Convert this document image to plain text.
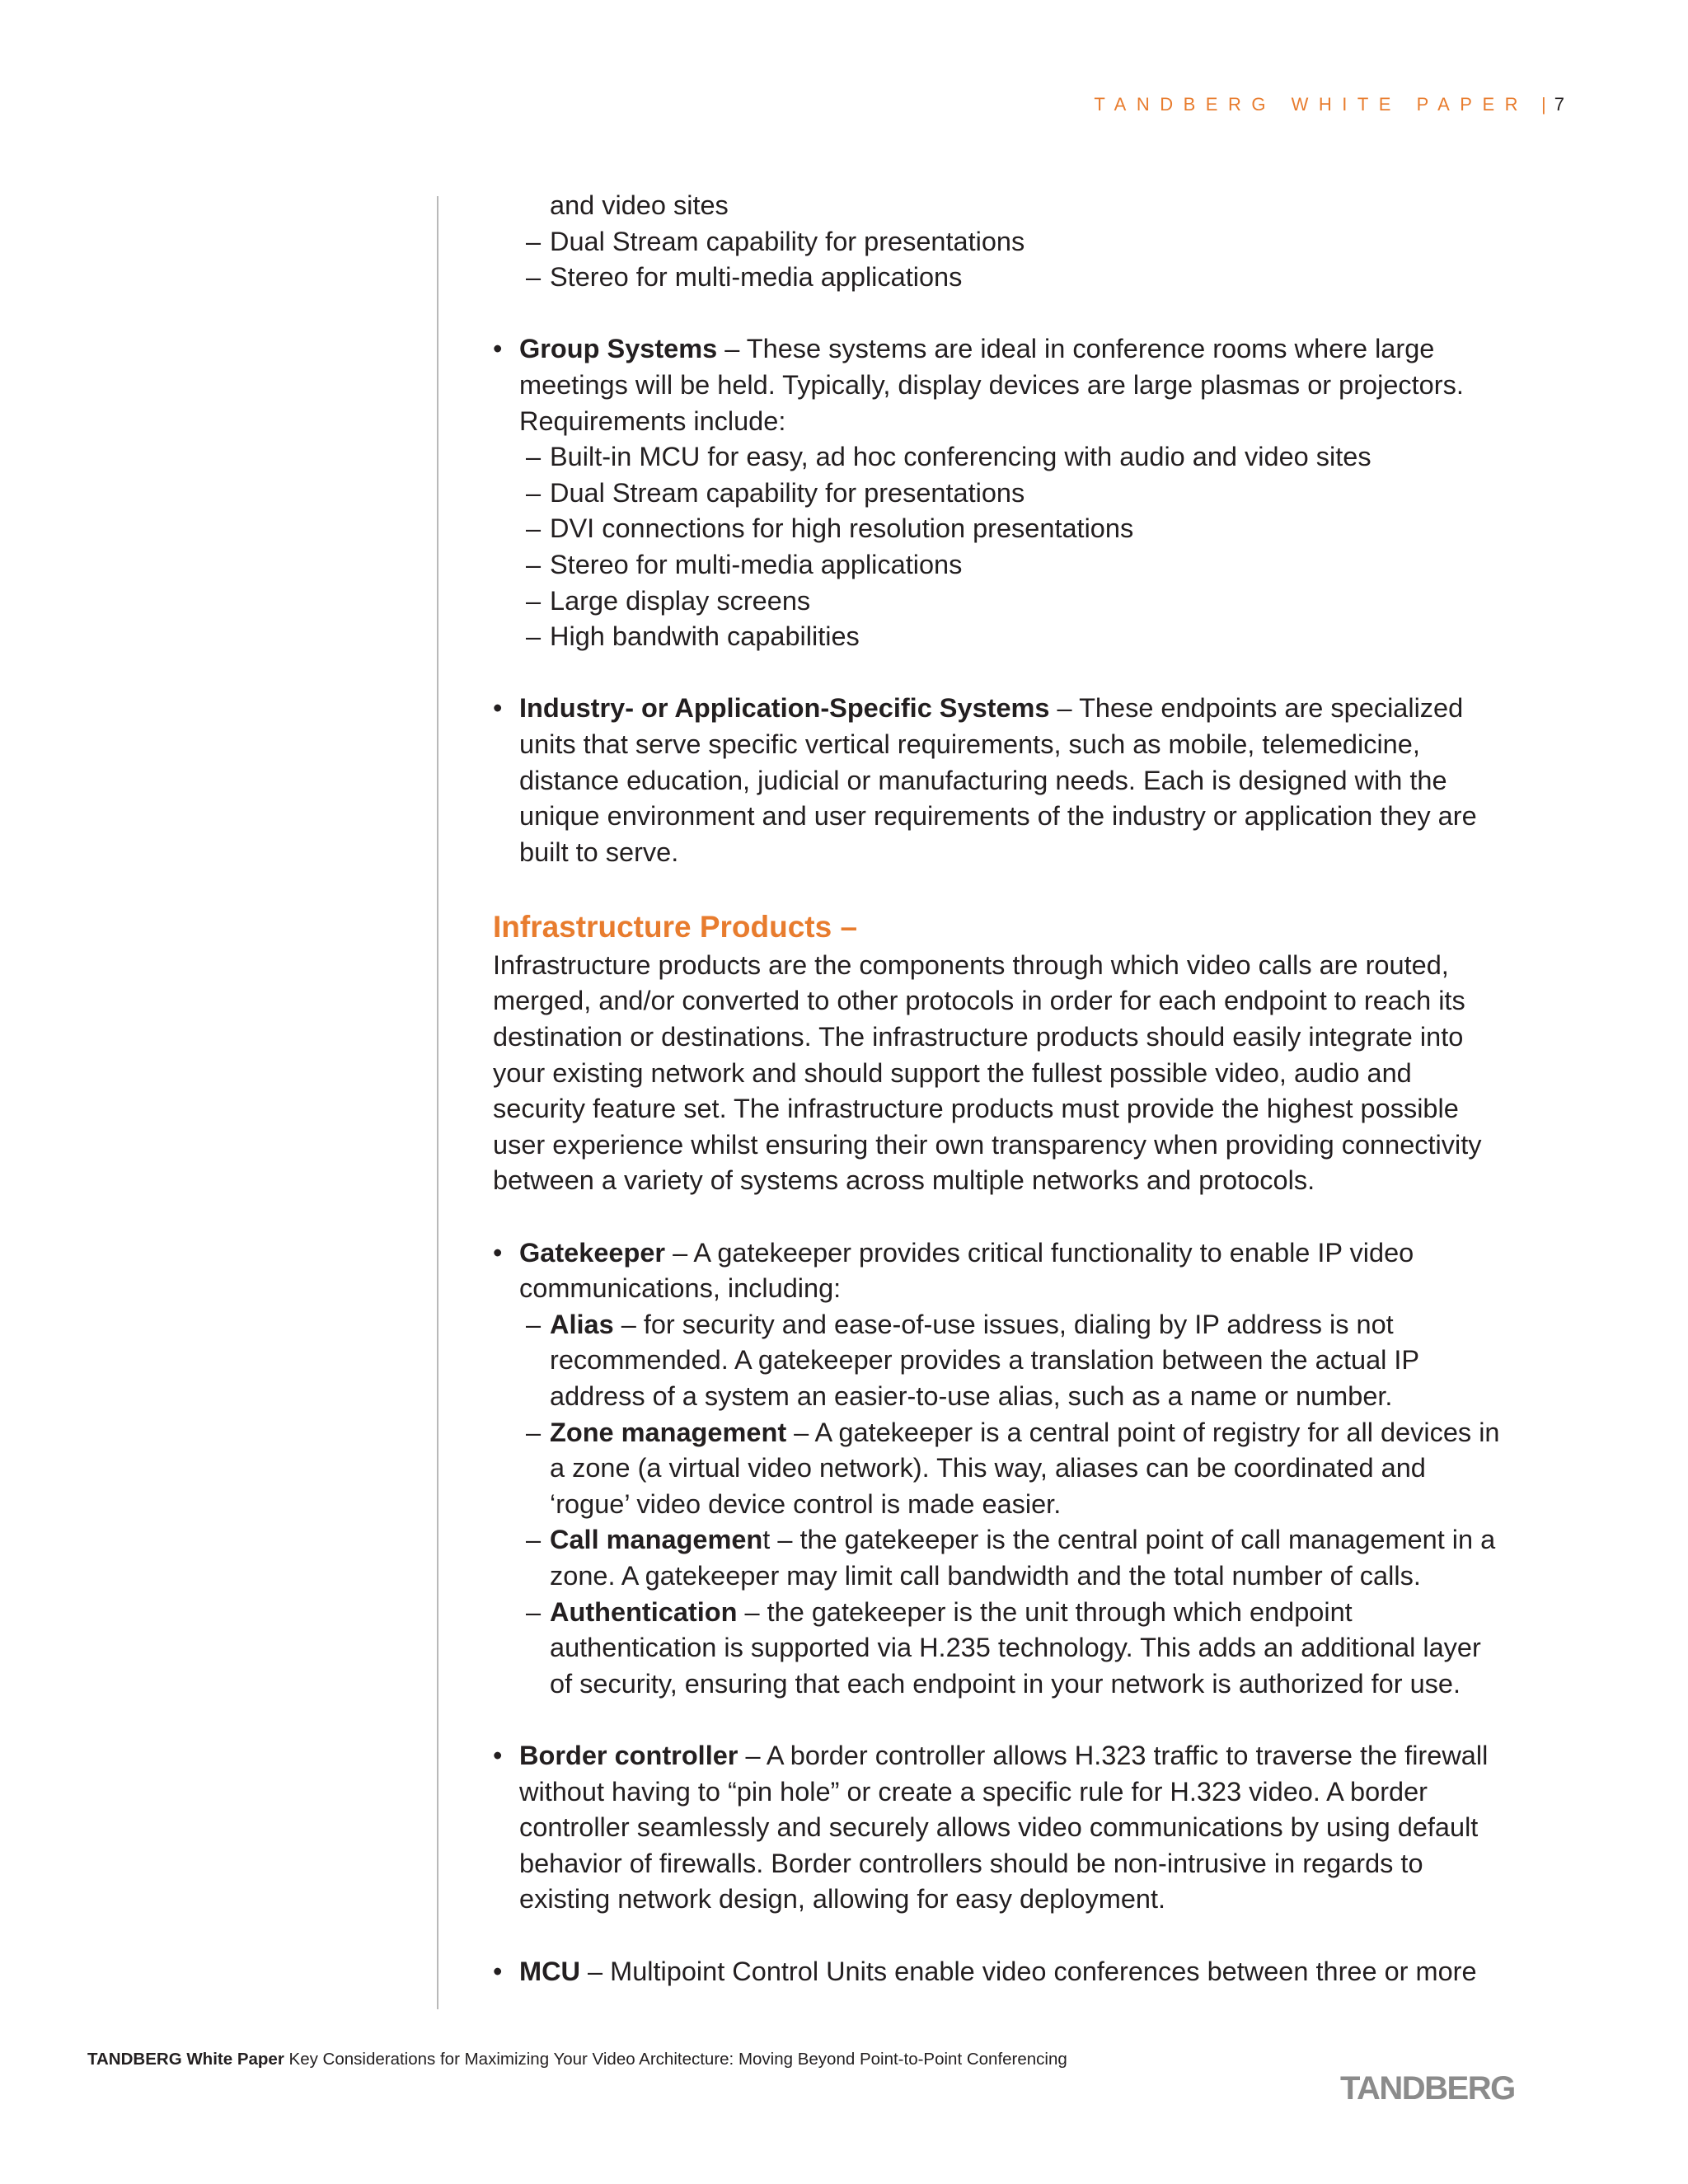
TANDBERG WHITE PAPER | 7

and video sites

– Dual Stream capability for presentations

– Stereo for multi-media applications

• Group Systems – These systems are ideal in conference rooms where large

meetings will be held. Typically, display devices are large plasmas or projectors.

Requirements include:

– Built-in MCU for easy, ad hoc conferencing with audio and video sites

– Dual Stream capability for presentations

– DVI connections for high resolution presentations

– Stereo for multi-media applications

– Large display screens

– High bandwith capabilities

• Industry- or Application-Specific Systems – These endpoints are specialized

units that serve specific vertical requirements, such as mobile, telemedicine,

distance education, judicial or manufacturing needs. Each is designed with the

unique environment and user requirements of the industry or application they are

built to serve.

Infrastructure Products –

Infrastructure products are the components through which video calls are routed,

merged, and/or converted to other protocols in order for each endpoint to reach its

destination or destinations. The infrastructure products should easily integrate into

your existing network and should support the fullest possible video, audio and

security feature set. The infrastructure products must provide the highest possible

user experience whilst ensuring their own transparency when providing connectivity

between a variety of systems across multiple networks and protocols.

• Gatekeeper – A gatekeeper provides critical functionality to enable IP video

communications, including:

– Alias – for security and ease-of-use issues, dialing by IP address is not

recommended. A gatekeeper provides a translation between the actual IP

address of a system an easier-to-use alias, such as a name or number.

– Zone management – A gatekeeper is a central point of registry for all devices in

a zone (a virtual video network). This way, aliases can be coordinated and

‘rogue’ video device control is made easier.

– Call management – the gatekeeper is the central point of call management in a

zone. A gatekeeper may limit call bandwidth and the total number of calls.

– Authentication – the gatekeeper is the unit through which endpoint

authentication is supported via H.235 technology. This adds an additional layer

of security, ensuring that each endpoint in your network is authorized for use.

• Border controller – A border controller allows H.323 traffic to traverse the firewall

without having to “pin hole” or create a specific rule for H.323 video. A border

controller seamlessly and securely allows video communications by using default

behavior of firewalls. Border controllers should be non-intrusive in regards to

existing network design, allowing for easy deployment.

• MCU – Multipoint Control Units enable video conferences between three or more

TANDBERG White Paper Key Considerations for Maximizing Your Video Architecture: Moving Beyond Point-to-Point Conferencing
TANDBERG
